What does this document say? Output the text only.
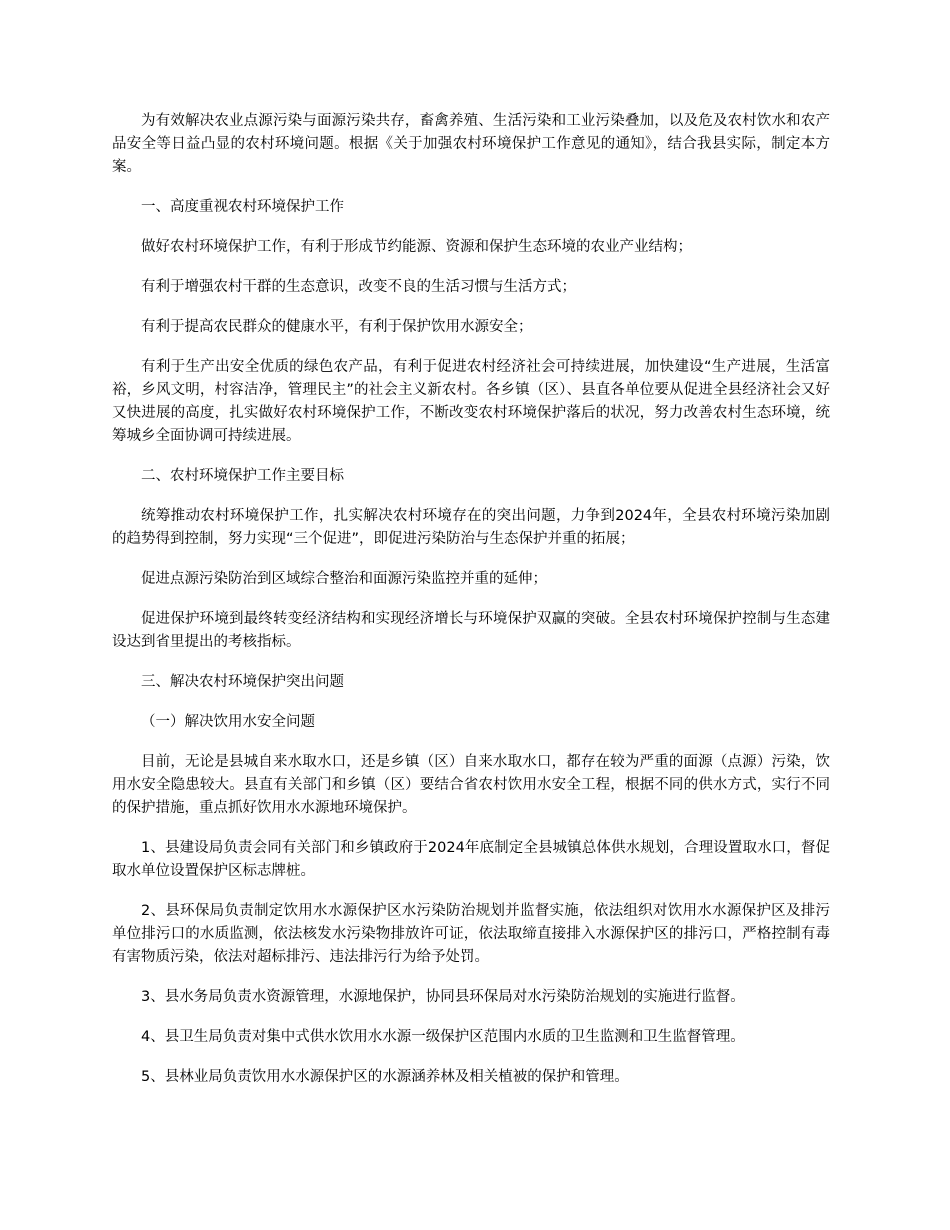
为有效解决农业点源污染与面源污染共存，畜禽养殖、生活污染和工业污染叠加，以及危及农村饮水和农产品安全等日益凸显的农村环境问题。根据《关于加强农村环境保护工作意见的通知》，结合我县实际，制定本方案。

一、高度重视农村环境保护工作

做好农村环境保护工作，有利于形成节约能源、资源和保护生态环境的农业产业结构；

有利于增强农村干群的生态意识，改变不良的生活习惯与生活方式；

有利于提高农民群众的健康水平，有利于保护饮用水源安全；

有利于生产出安全优质的绿色农产品，有利于促进农村经济社会可持续进展，加快建设“生产进展，生活富裕，乡风文明，村容洁净，管理民主”的社会主义新农村。各乡镇（区）、县直各单位要从促进全县经济社会又好又快进展的高度，扎实做好农村环境保护工作，不断改变农村环境保护落后的状况，努力改善农村生态环境，统筹城乡全面协调可持续进展。

二、农村环境保护工作主要目标

统筹推动农村环境保护工作，扎实解决农村环境存在的突出问题，力争到2024年，全县农村环境污染加剧的趋势得到控制，努力实现“三个促进”，即促进污染防治与生态保护并重的拓展；

促进点源污染防治到区域综合整治和面源污染监控并重的延伸；

促进保护环境到最终转变经济结构和实现经济增长与环境保护双赢的突破。全县农村环境保护控制与生态建设达到省里提出的考核指标。

三、解决农村环境保护突出问题

（一）解决饮用水安全问题

目前，无论是县城自来水取水口，还是乡镇（区）自来水取水口，都存在较为严重的面源（点源）污染，饮用水安全隐患较大。县直有关部门和乡镇（区）要结合省农村饮用水安全工程，根据不同的供水方式，实行不同的保护措施，重点抓好饮用水水源地环境保护。

1、县建设局负责会同有关部门和乡镇政府于2024年底制定全县城镇总体供水规划，合理设置取水口，督促取水单位设置保护区标志牌桩。

2、县环保局负责制定饮用水水源保护区水污染防治规划并监督实施，依法组织对饮用水水源保护区及排污单位排污口的水质监测，依法核发水污染物排放许可证，依法取缔直接排入水源保护区的排污口，严格控制有毒有害物质污染，依法对超标排污、违法排污行为给予处罚。

3、县水务局负责水资源管理，水源地保护，协同县环保局对水污染防治规划的实施进行监督。

4、县卫生局负责对集中式供水饮用水水源一级保护区范围内水质的卫生监测和卫生监督管理。

5、县林业局负责饮用水水源保护区的水源涵养林及相关植被的保护和管理。
